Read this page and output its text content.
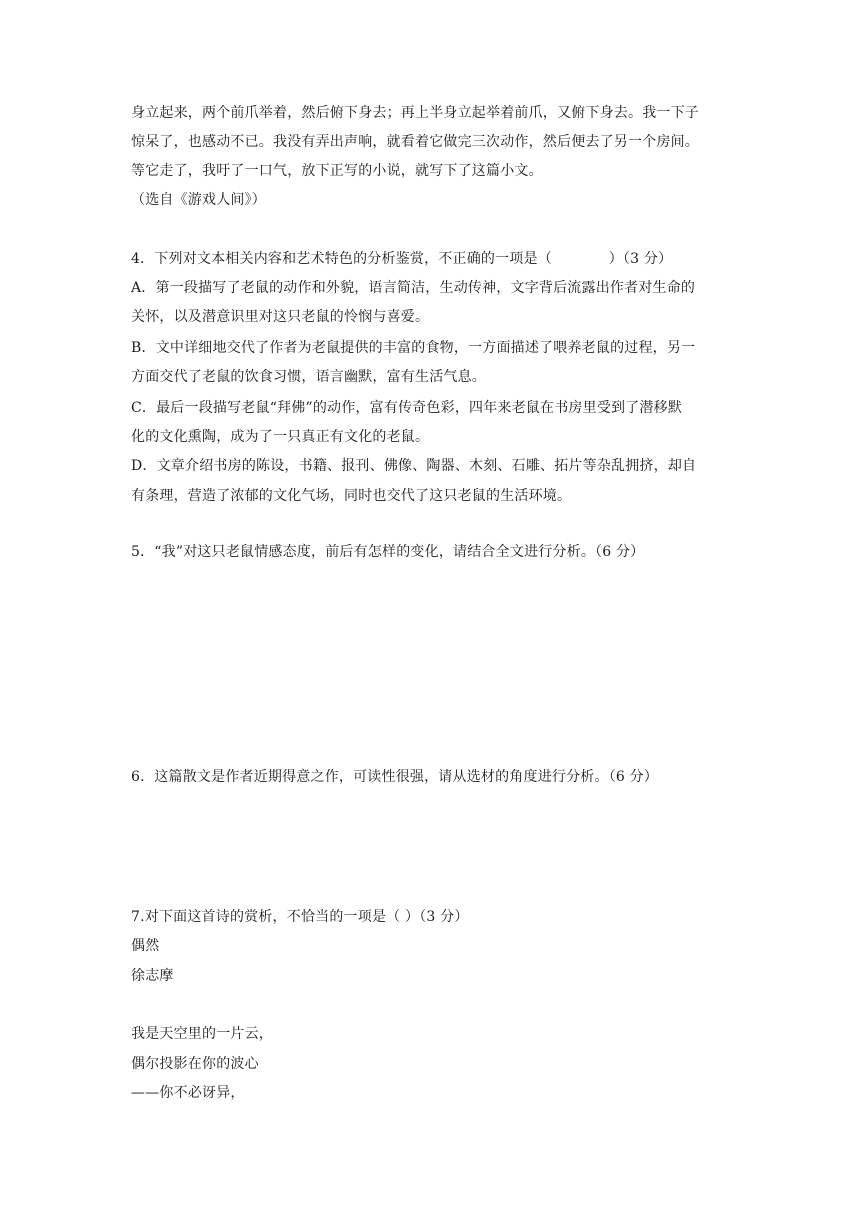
身立起来，两个前爪举着，然后俯下身去；再上半身立起举着前爪，又俯下身去。我一下子
惊呆了，也感动不已。我没有弄出声响，就看着它做完三次动作，然后便去了另一个房间。
等它走了，我吁了一口气，放下正写的小说，就写下了这篇小文。
（选自《游戏人间》）
4．下列对文本相关内容和艺术特色的分析鉴赏，不正确的一项是（　　　　）（3 分）
A．第一段描写了老鼠的动作和外貌，语言简洁，生动传神，文字背后流露出作者对生命的
关怀，以及潜意识里对这只老鼠的怜悯与喜爱。
B．文中详细地交代了作者为老鼠提供的丰富的食物，一方面描述了喂养老鼠的过程，另一
方面交代了老鼠的饮食习惯，语言幽默，富有生活气息。
C．最后一段描写老鼠“拜佛”的动作，富有传奇色彩，四年来老鼠在书房里受到了潜移默
化的文化熏陶，成为了一只真正有文化的老鼠。
D．文章介绍书房的陈设，书籍、报刊、佛像、陶器、木刻、石雕、拓片等杂乱拥挤，却自
有条理，营造了浓郁的文化气场，同时也交代了这只老鼠的生活环境。
5．“我”对这只老鼠情感态度，前后有怎样的变化，请结合全文进行分析。（6 分）
6．这篇散文是作者近期得意之作，可读性很强，请从选材的角度进行分析。（6 分）
7.对下面这首诗的赏析，不恰当的一项是（ ）（3 分）
偶然
徐志摩
我是天空里的一片云，
偶尔投影在你的波心
——你不必讶异，
